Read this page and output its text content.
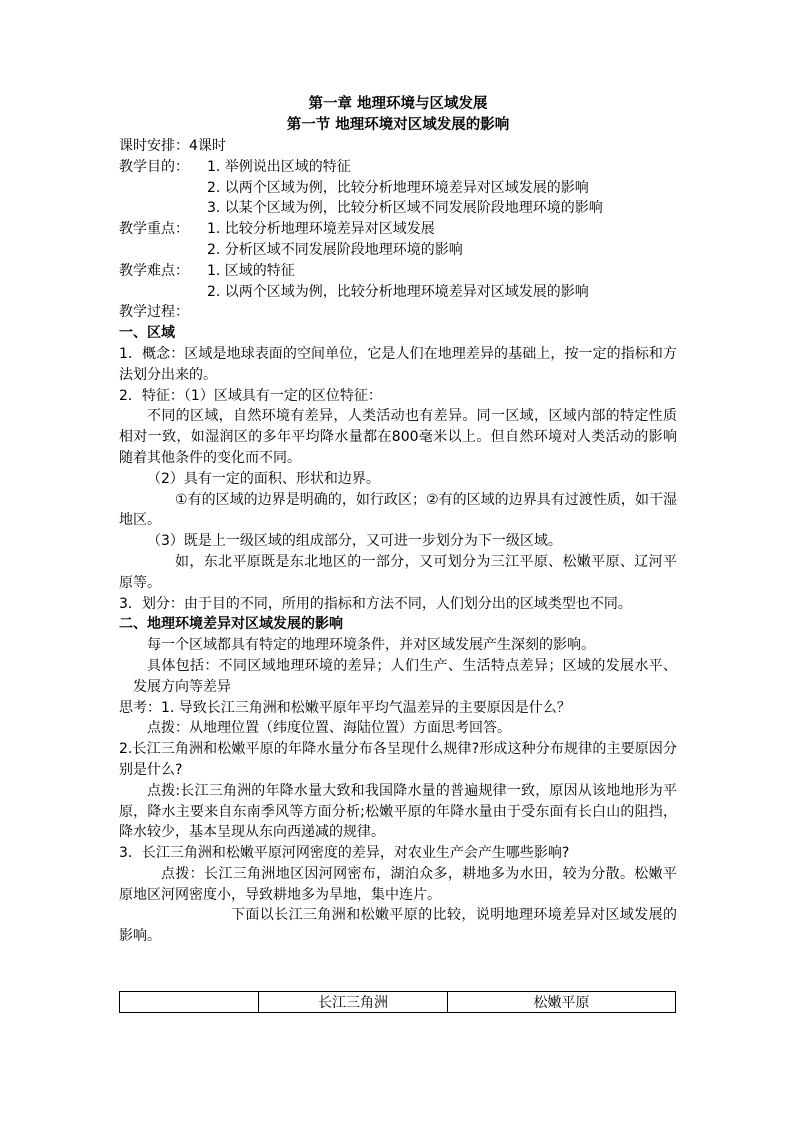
第一章 地理环境与区域发展
第一节 地理环境对区域发展的影响
课时安排：4课时
教学目的：	1. 举例说出区域的特征
2. 以两个区域为例，比较分析地理环境差异对区域发展的影响
3. 以某个区域为例，比较分析区域不同发展阶段地理环境的影响
教学重点：	1. 比较分析地理环境差异对区域发展
2. 分析区域不同发展阶段地理环境的影响
教学难点：	1. 区域的特征
2. 以两个区域为例，比较分析地理环境差异对区域发展的影响
教学过程：
一、区域
1．概念：区域是地球表面的空间单位，它是人们在地理差异的基础上，按一定的指标和方法划分出来的。
2．特征：（1）区域具有一定的区位特征：
不同的区域，自然环境有差异，人类活动也有差异。同一区域，区域内部的特定性质相对一致，如湿润区的多年平均降水量都在800毫米以上。但自然环境对人类活动的影响随着其他条件的变化而不同。
（2）具有一定的面积、形状和边界。
①有的区域的边界是明确的，如行政区；②有的区域的边界具有过渡性质，如干湿地区。
（3）既是上一级区域的组成部分，又可进一步划分为下一级区域。
如，东北平原既是东北地区的一部分，又可划分为三江平原、松嫩平原、辽河平原等。
3．划分：由于目的不同，所用的指标和方法不同，人们划分出的区域类型也不同。
二、地理环境差异对区域发展的影响
每一个区域都具有特定的地理环境条件，并对区域发展产生深刻的影响。
具体包括：不同区域地理环境的差异；人们生产、生活特点差异；区域的发展水平、发展方向等差异
思考：1. 导致长江三角洲和松嫩平原年平均气温差异的主要原因是什么？
点拨：从地理位置（纬度位置、海陆位置）方面思考回答。
2.长江三角洲和松嫩平原的年降水量分布各呈现什么规律?形成这种分布规律的主要原因分别是什么?
点拨:长江三角洲的年降水量大致和我国降水量的普遍规律一致，原因从该地地形为平原，降水主要来自东南季风等方面分析;松嫩平原的年降水量由于受东面有长白山的阻挡，降水较少，基本呈现从东向西递减的规律。
3．长江三角洲和松嫩平原河网密度的差异，对农业生产会产生哪些影响?
点拨：长江三角洲地区因河网密布，湖泊众多，耕地多为水田，较为分散。松嫩平原地区河网密度小，导致耕地多为旱地，集中连片。
下面以长江三角洲和松嫩平原的比较，说明地理环境差异对区域发展的影响。
	长江三角洲	松嫩平原
